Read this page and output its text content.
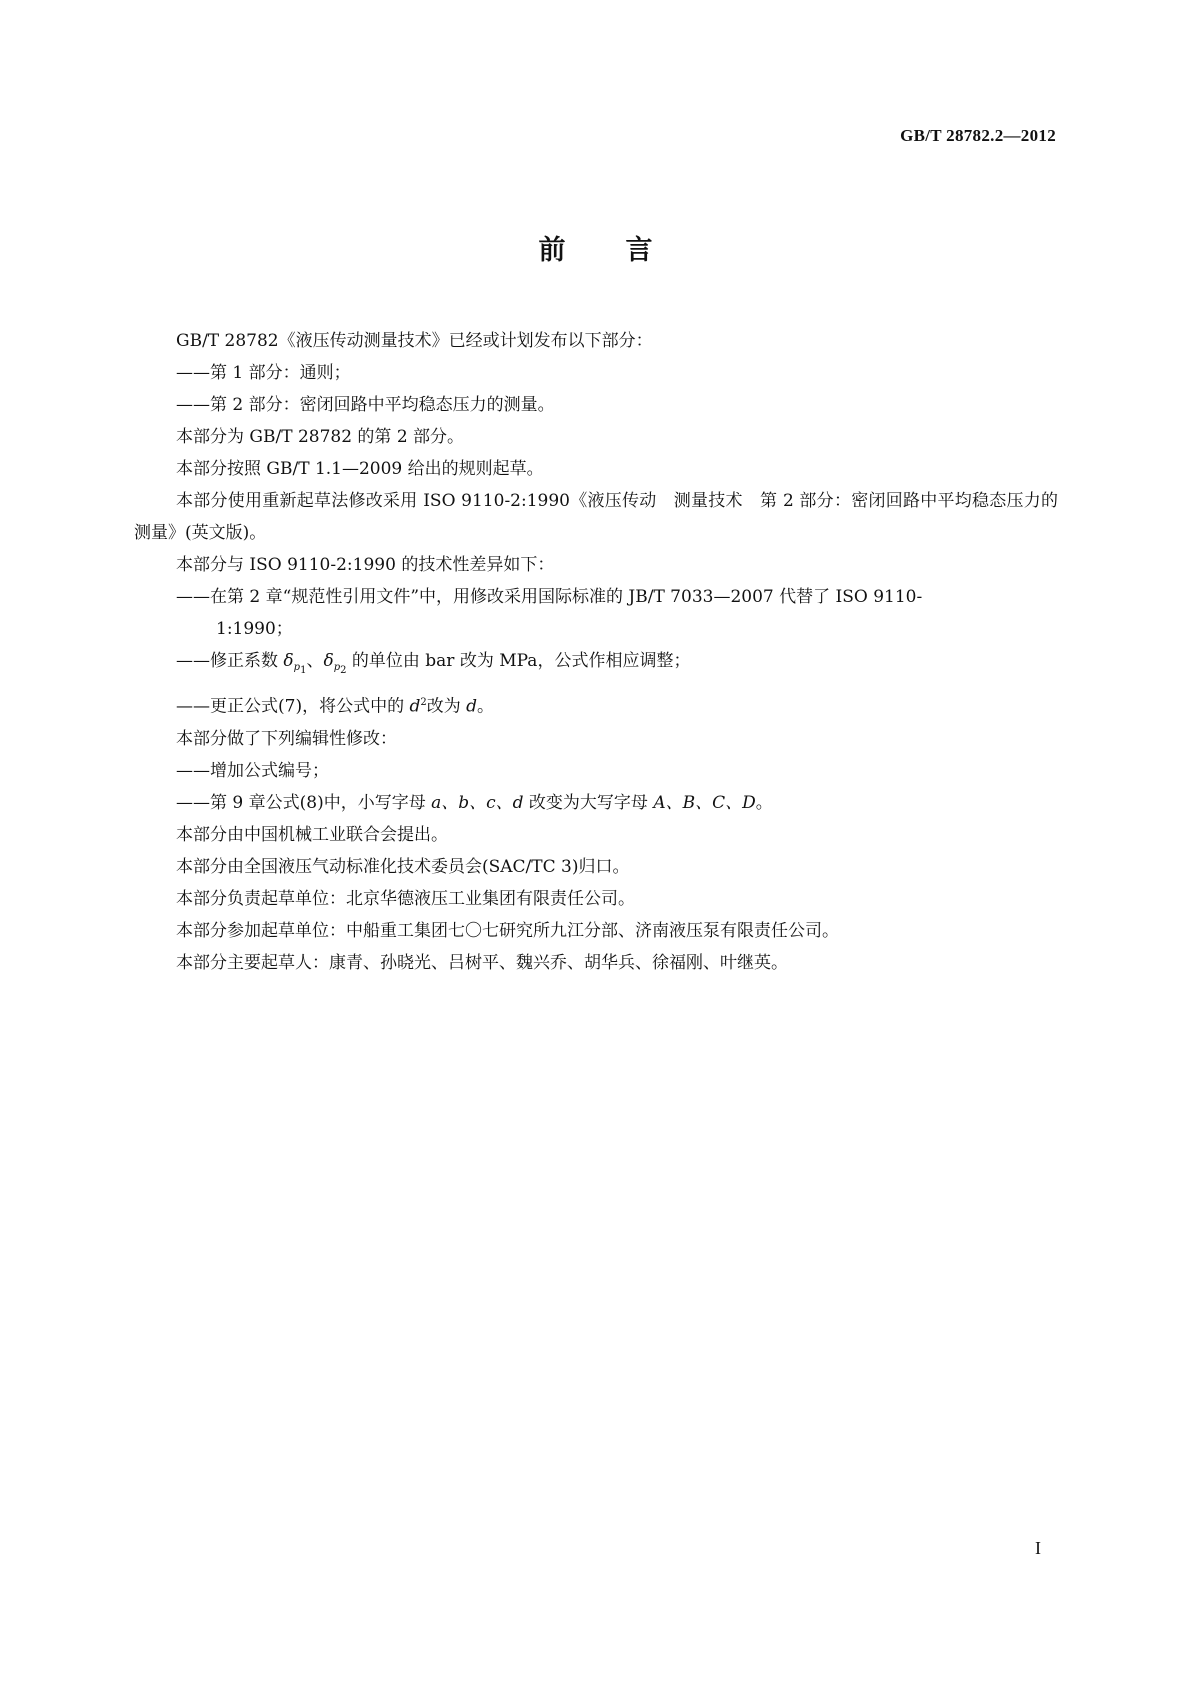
GB/T 28782.2—2012
前 言
GB/T 28782《液压传动测量技术》已经或计划发布以下部分：
——第 1 部分：通则；
——第 2 部分：密闭回路中平均稳态压力的测量。
本部分为 GB/T 28782 的第 2 部分。
本部分按照 GB/T 1.1—2009 给出的规则起草。
本部分使用重新起草法修改采用 ISO 9110-2:1990《液压传动　测量技术　第 2 部分：密闭回路中平均稳态压力的测量》(英文版)。
本部分与 ISO 9110-2:1990 的技术性差异如下：
——在第 2 章“规范性引用文件”中，用修改采用国际标准的 JB/T 7033—2007 代替了 ISO 9110-
1:1990；
——修正系数 $\delta_{p_1}$、$\delta_{p_2}$ 的单位由 bar 改为 MPa，公式作相应调整；
——更正公式(7)，将公式中的 $d^2$改为 d。
本部分做了下列编辑性修改：
——增加公式编号；
——第 9 章公式(8)中，小写字母 a、b、c、d 改变为大写字母 A、B、C、D。
本部分由中国机械工业联合会提出。
本部分由全国液压气动标准化技术委员会(SAC/TC 3)归口。
本部分负责起草单位：北京华德液压工业集团有限责任公司。
本部分参加起草单位：中船重工集团七〇七研究所九江分部、济南液压泵有限责任公司。
本部分主要起草人：康青、孙晓光、吕树平、魏兴乔、胡华兵、徐福刚、叶继英。
I
